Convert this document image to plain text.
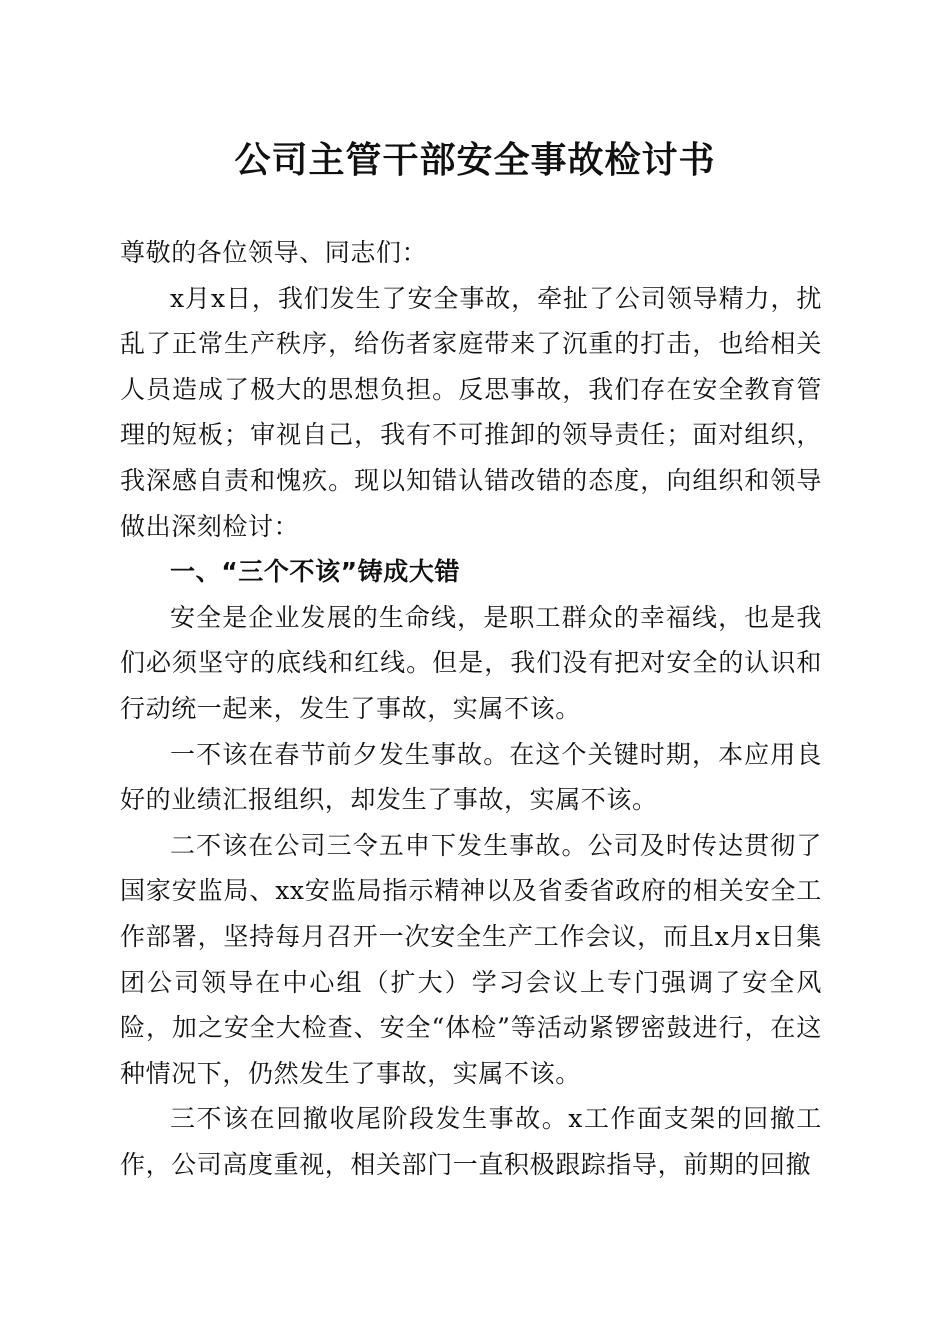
公司主管干部安全事故检讨书

尊敬的各位领导、同志们：

x月x日，我们发生了安全事故，牵扯了公司领导精力，扰乱了正常生产秩序，给伤者家庭带来了沉重的打击，也给相关人员造成了极大的思想负担。反思事故，我们存在安全教育管理的短板；审视自己，我有不可推卸的领导责任；面对组织，我深感自责和愧疚。现以知错认错改错的态度，向组织和领导做出深刻检讨：

一、“三个不该”铸成大错

安全是企业发展的生命线，是职工群众的幸福线，也是我们必须坚守的底线和红线。但是，我们没有把对安全的认识和行动统一起来，发生了事故，实属不该。

一不该在春节前夕发生事故。在这个关键时期，本应用良好的业绩汇报组织，却发生了事故，实属不该。

二不该在公司三令五申下发生事故。公司及时传达贯彻了国家安监局、xx安监局指示精神以及省委省政府的相关安全工作部署，坚持每月召开一次安全生产工作会议，而且x月x日集团公司领导在中心组（扩大）学习会议上专门强调了安全风险，加之安全大检查、安全“体检”等活动紧锣密鼓进行，在这种情况下，仍然发生了事故，实属不该。

三不该在回撤收尾阶段发生事故。x工作面支架的回撤工作，公司高度重视，相关部门一直积极跟踪指导，前期的回撤
